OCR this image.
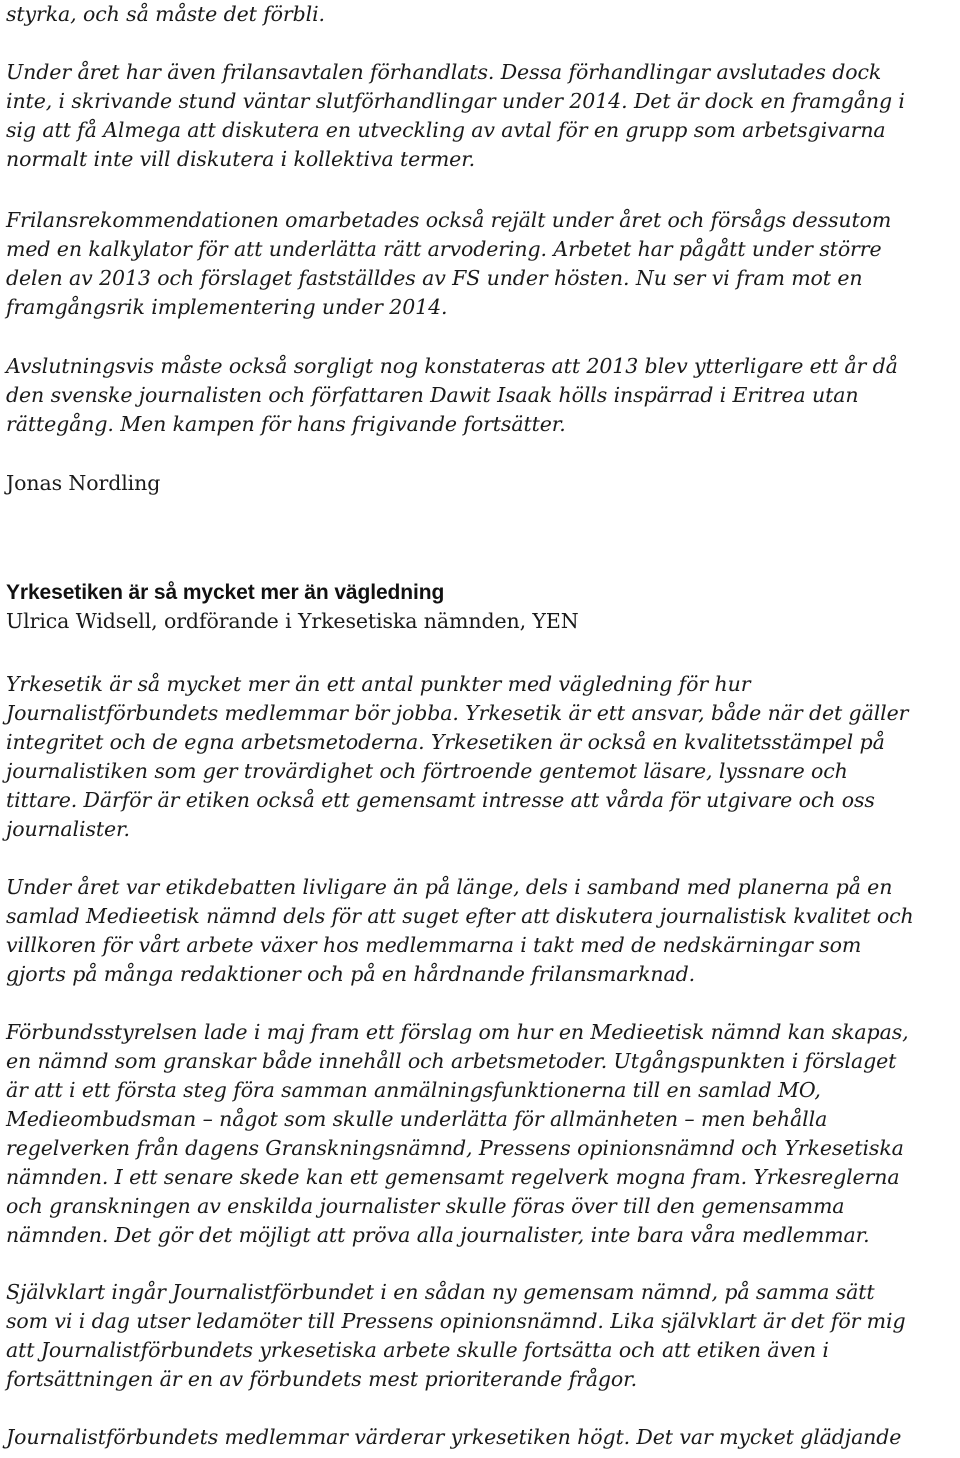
styrka, och så måste det förbli.

Under året har även frilansavtalen förhandlats. Dessa förhandlingar avslutades dock
inte, i skrivande stund väntar slutförhandlingar under 2014. Det är dock en framgång i
sig att få Almega att diskutera en utveckling av avtal för en grupp som arbetsgivarna
normalt inte vill diskutera i kollektiva termer.

Frilansrekommendationen omarbetades också rejält under året och försågs dessutom
med en kalkylator för att underlätta rätt arvodering. Arbetet har pågått under större
delen av 2013 och förslaget fastställdes av FS under hösten. Nu ser vi fram mot en
framgångsrik implementering under 2014.

Avslutningsvis måste också sorgligt nog konstateras att 2013 blev ytterligare ett år då
den svenske journalisten och författaren Dawit Isaak hölls inspärrad i Eritrea utan
rättegång. Men kampen för hans frigivande fortsätter.

Jonas Nordling

Yrkesetiken är så mycket mer än vägledning

Ulrica Widsell, ordförande i Yrkesetiska nämnden, YEN

Yrkesetik är så mycket mer än ett antal punkter med vägledning för hur
Journalistförbundets medlemmar bör jobba. Yrkesetik är ett ansvar, både när det gäller
integritet och de egna arbetsmetoderna. Yrkesetiken är också en kvalitetsstämpel på
journalistiken som ger trovärdighet och förtroende gentemot läsare, lyssnare och
tittare. Därför är etiken också ett gemensamt intresse att vårda för utgivare och oss
journalister.

Under året var etikdebatten livligare än på länge, dels i samband med planerna på en
samlad Medieetisk nämnd dels för att suget efter att diskutera journalistisk kvalitet och
villkoren för vårt arbete växer hos medlemmarna i takt med de nedskärningar som
gjorts på många redaktioner och på en hårdnande frilansmarknad.

Förbundsstyrelsen lade i maj fram ett förslag om hur en Medieetisk nämnd kan skapas,
en nämnd som granskar både innehåll och arbetsmetoder. Utgångspunkten i förslaget
är att i ett första steg föra samman anmälningsfunktionerna till en samlad MO,
Medieombudsman – något som skulle underlätta för allmänheten – men behålla
regelverken från dagens Granskningsnämnd, Pressens opinionsnämnd och Yrkesetiska
nämnden. I ett senare skede kan ett gemensamt regelverk mogna fram. Yrkesreglerna
och granskningen av enskilda journalister skulle föras över till den gemensamma
nämnden. Det gör det möjligt att pröva alla journalister, inte bara våra medlemmar.

Självklart ingår Journalistförbundet i en sådan ny gemensam nämnd, på samma sätt
som vi i dag utser ledamöter till Pressens opinionsnämnd. Lika självklart är det för mig
att Journalistförbundets yrkesetiska arbete skulle fortsätta och att etiken även i
fortsättningen är en av förbundets mest prioriterande frågor.

Journalistförbundets medlemmar värderar yrkesetiken högt. Det var mycket glädjande
